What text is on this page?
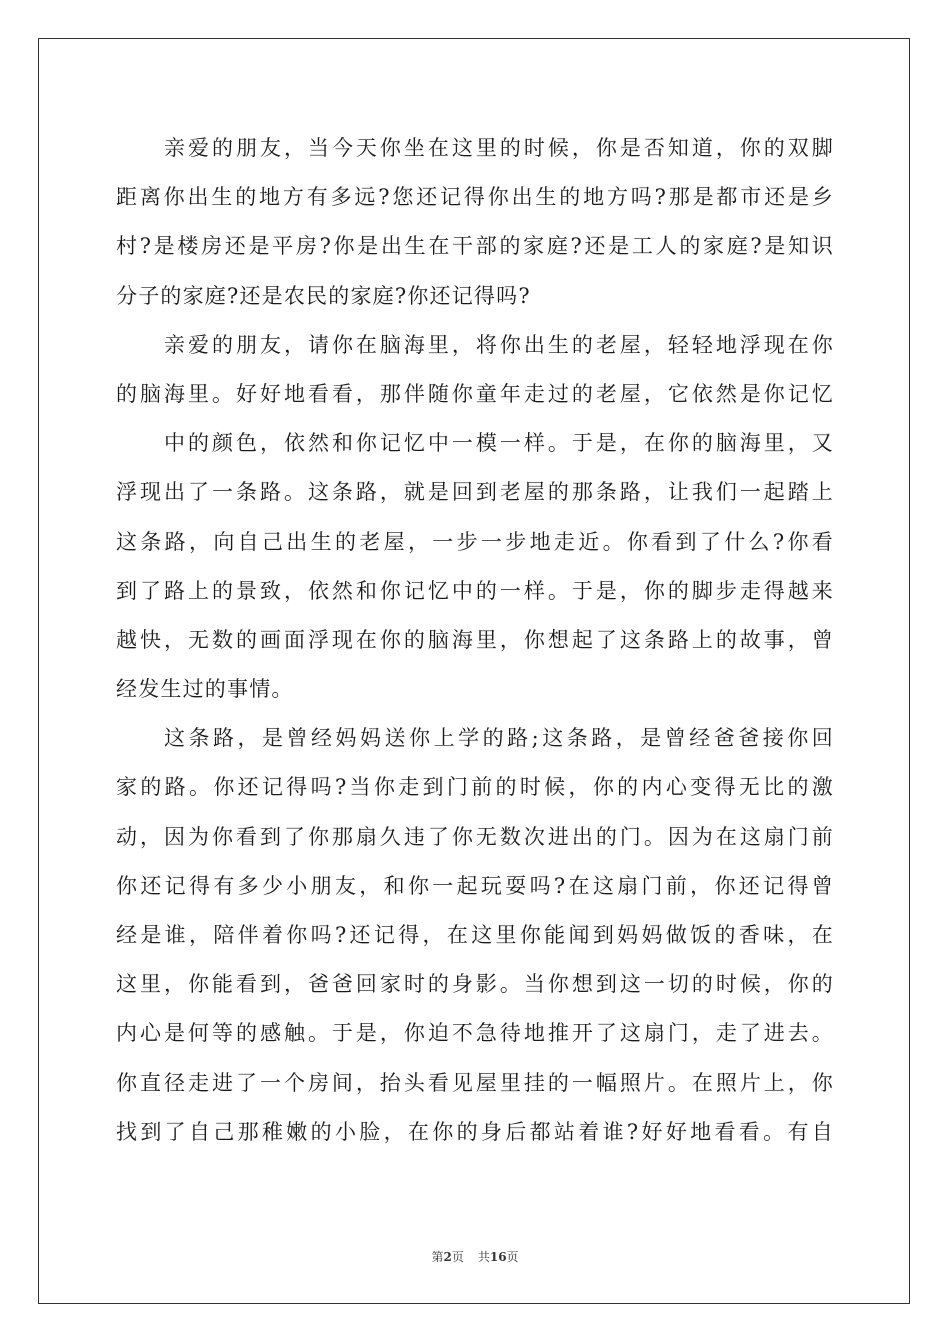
亲爱的朋友，当今天你坐在这里的时候，你是否知道，你的双脚
距离你出生的地方有多远?您还记得你出生的地方吗?那是都市还是乡
村?是楼房还是平房?你是出生在干部的家庭?还是工人的家庭?是知识
分子的家庭?还是农民的家庭?你还记得吗?
亲爱的朋友，请你在脑海里，将你出生的老屋，轻轻地浮现在你
的脑海里。好好地看看，那伴随你童年走过的老屋，它依然是你记忆
中的颜色，依然和你记忆中一模一样。于是，在你的脑海里，又
浮现出了一条路。这条路，就是回到老屋的那条路，让我们一起踏上
这条路，向自己出生的老屋，一步一步地走近。你看到了什么?你看
到了路上的景致，依然和你记忆中的一样。于是，你的脚步走得越来
越快，无数的画面浮现在你的脑海里，你想起了这条路上的故事，曾
经发生过的事情。
这条路，是曾经妈妈送你上学的路;这条路，是曾经爸爸接你回
家的路。你还记得吗?当你走到门前的时候，你的内心变得无比的激
动，因为你看到了你那扇久违了你无数次进出的门。因为在这扇门前
你还记得有多少小朋友，和你一起玩耍吗?在这扇门前，你还记得曾
经是谁，陪伴着你吗?还记得，在这里你能闻到妈妈做饭的香味，在
这里，你能看到，爸爸回家时的身影。当你想到这一切的时候，你的
内心是何等的感触。于是，你迫不急待地推开了这扇门，走了进去。
你直径走进了一个房间，抬头看见屋里挂的一幅照片。在照片上，你
找到了自己那稚嫩的小脸，在你的身后都站着谁?好好地看看。有自
第2页 共16页
